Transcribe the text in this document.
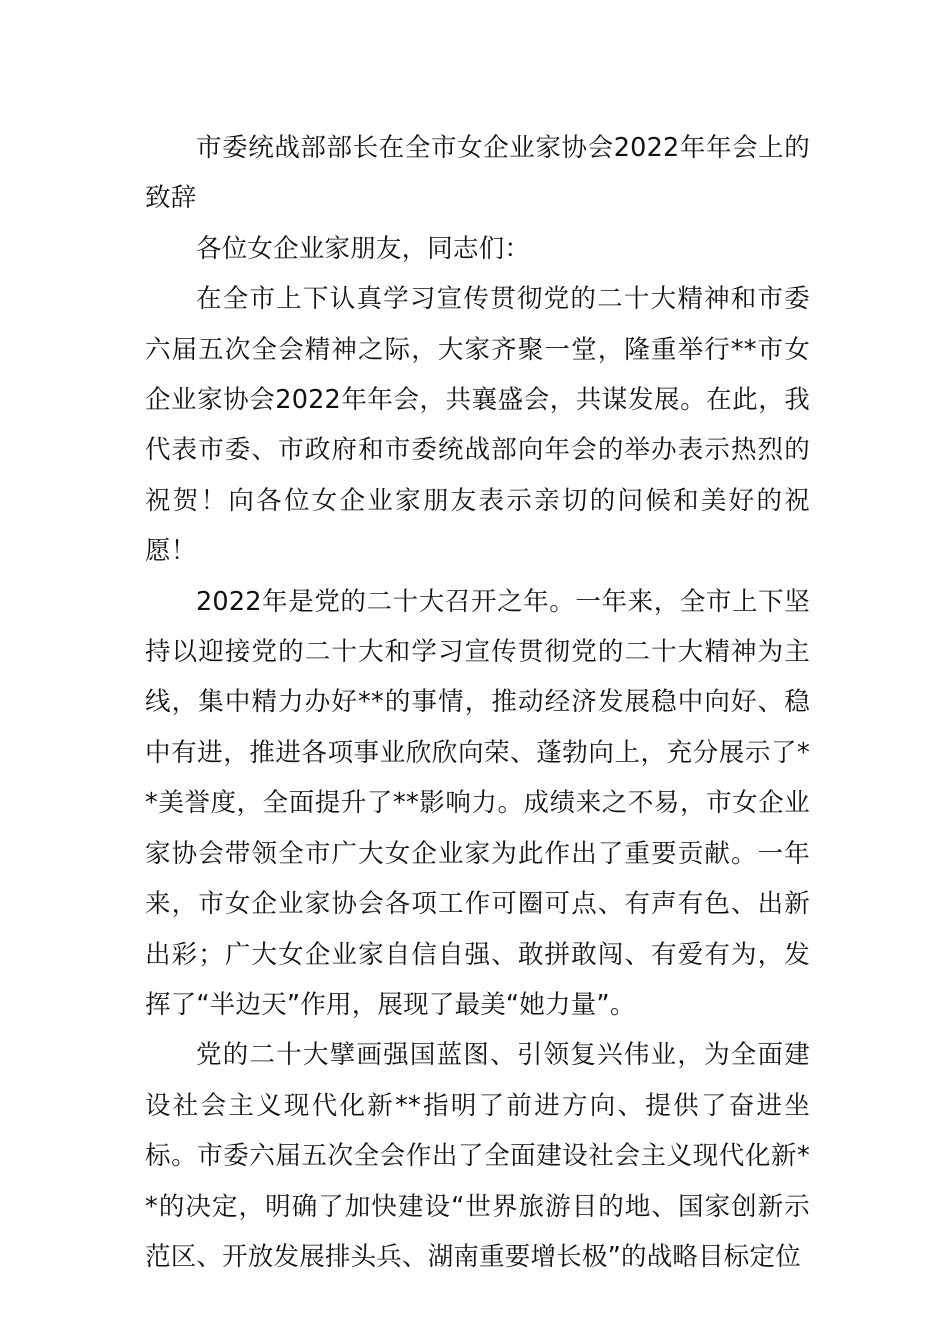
市委统战部部长在全市女企业家协会2022年年会上的致辞

各位女企业家朋友，同志们：

在全市上下认真学习宣传贯彻党的二十大精神和市委六届五次全会精神之际，大家齐聚一堂，隆重举行**市女企业家协会2022年年会，共襄盛会，共谋发展。在此，我代表市委、市政府和市委统战部向年会的举办表示热烈的祝贺！向各位女企业家朋友表示亲切的问候和美好的祝愿！

2022年是党的二十大召开之年。一年来，全市上下坚持以迎接党的二十大和学习宣传贯彻党的二十大精神为主线，集中精力办好**的事情，推动经济发展稳中向好、稳中有进，推进各项事业欣欣向荣、蓬勃向上，充分展示了**美誉度，全面提升了**影响力。成绩来之不易，市女企业家协会带领全市广大女企业家为此作出了重要贡献。一年来，市女企业家协会各项工作可圈可点、有声有色、出新出彩；广大女企业家自信自强、敢拼敢闯、有爱有为，发挥了“半边天”作用，展现了最美“她力量”。

党的二十大擘画强国蓝图、引领复兴伟业，为全面建设社会主义现代化新**指明了前进方向、提供了奋进坐标。市委六届五次全会作出了全面建设社会主义现代化新**的决定，明确了加快建设“世界旅游目的地、国家创新示范区、开放发展排头兵、湖南重要增长极”的战略目标定位
